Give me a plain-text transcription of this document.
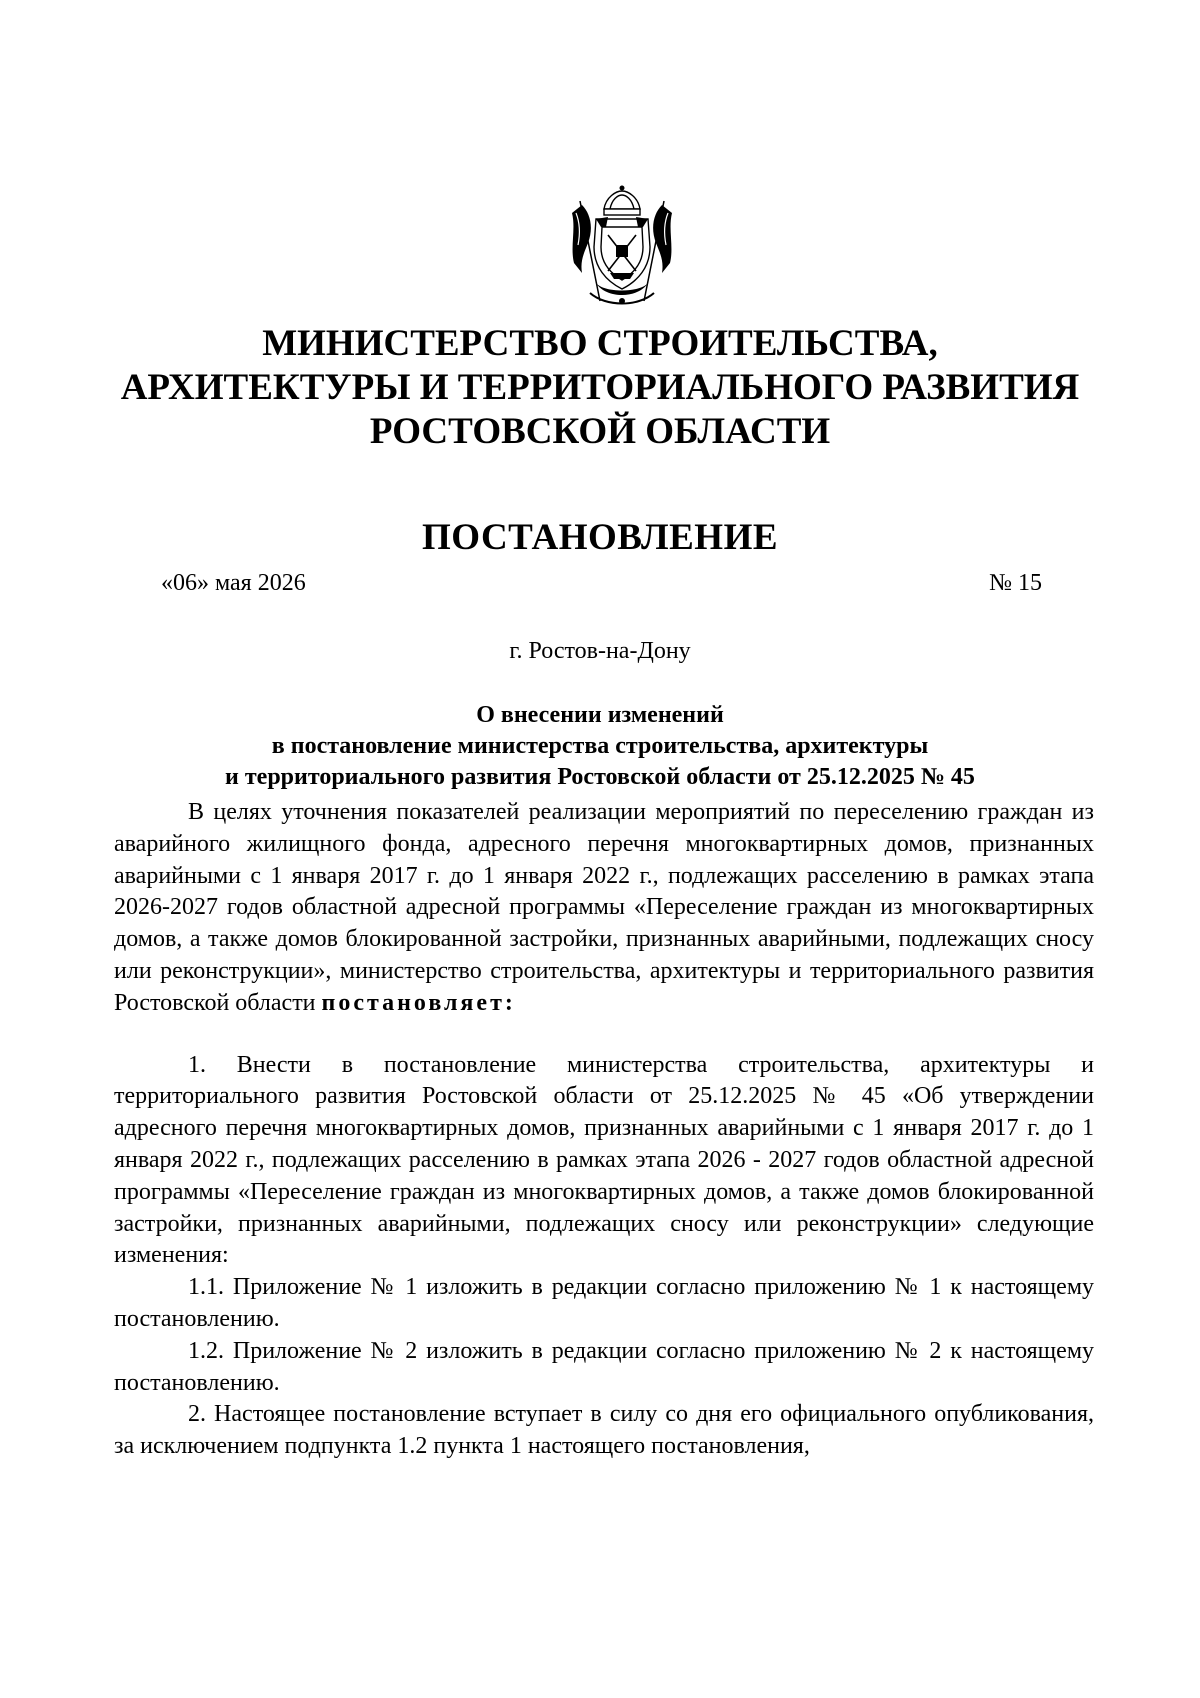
МИНИСТЕРСТВО СТРОИТЕЛЬСТВА,
АРХИТЕКТУРЫ И ТЕРРИТОРИАЛЬНОГО РАЗВИТИЯ
РОСТОВСКОЙ ОБЛАСТИ
ПОСТАНОВЛЕНИЕ
«06» мая 2026	№ 15
г. Ростов-на-Дону
О внесении изменений
в постановление министерства строительства, архитектуры
и территориального развития Ростовской области от 25.12.2025 № 45

В целях уточнения показателей реализации мероприятий по переселению граждан из аварийного жилищного фонда, адресного перечня многоквартирных домов, признанных аварийными с 1 января 2017 г. до 1 января 2022 г., подлежащих расселению в рамках этапа 2026-2027 годов областной адресной программы «Переселение граждан из многоквартирных домов, а также домов блокированной застройки, признанных аварийными, подлежащих сносу или реконструкции», министерство строительства, архитектуры и территориального развития Ростовской области постановляет:

1. Внести в постановление министерства строительства, архитектуры и территориального развития Ростовской области от 25.12.2025 № 45 «Об утверждении адресного перечня многоквартирных домов, признанных аварийными с 1 января 2017 г. до 1 января 2022 г., подлежащих расселению в рамках этапа 2026 - 2027 годов областной адресной программы «Переселение граждан из многоквартирных домов, а также домов блокированной застройки, признанных аварийными, подлежащих сносу или реконструкции» следующие изменения:

1.1. Приложение № 1 изложить в редакции согласно приложению № 1 к настоящему постановлению.

1.2. Приложение № 2 изложить в редакции согласно приложению № 2 к настоящему постановлению.

2. Настоящее постановление вступает в силу со дня его официального опубликования, за исключением подпункта 1.2 пункта 1 настоящего постановления,
